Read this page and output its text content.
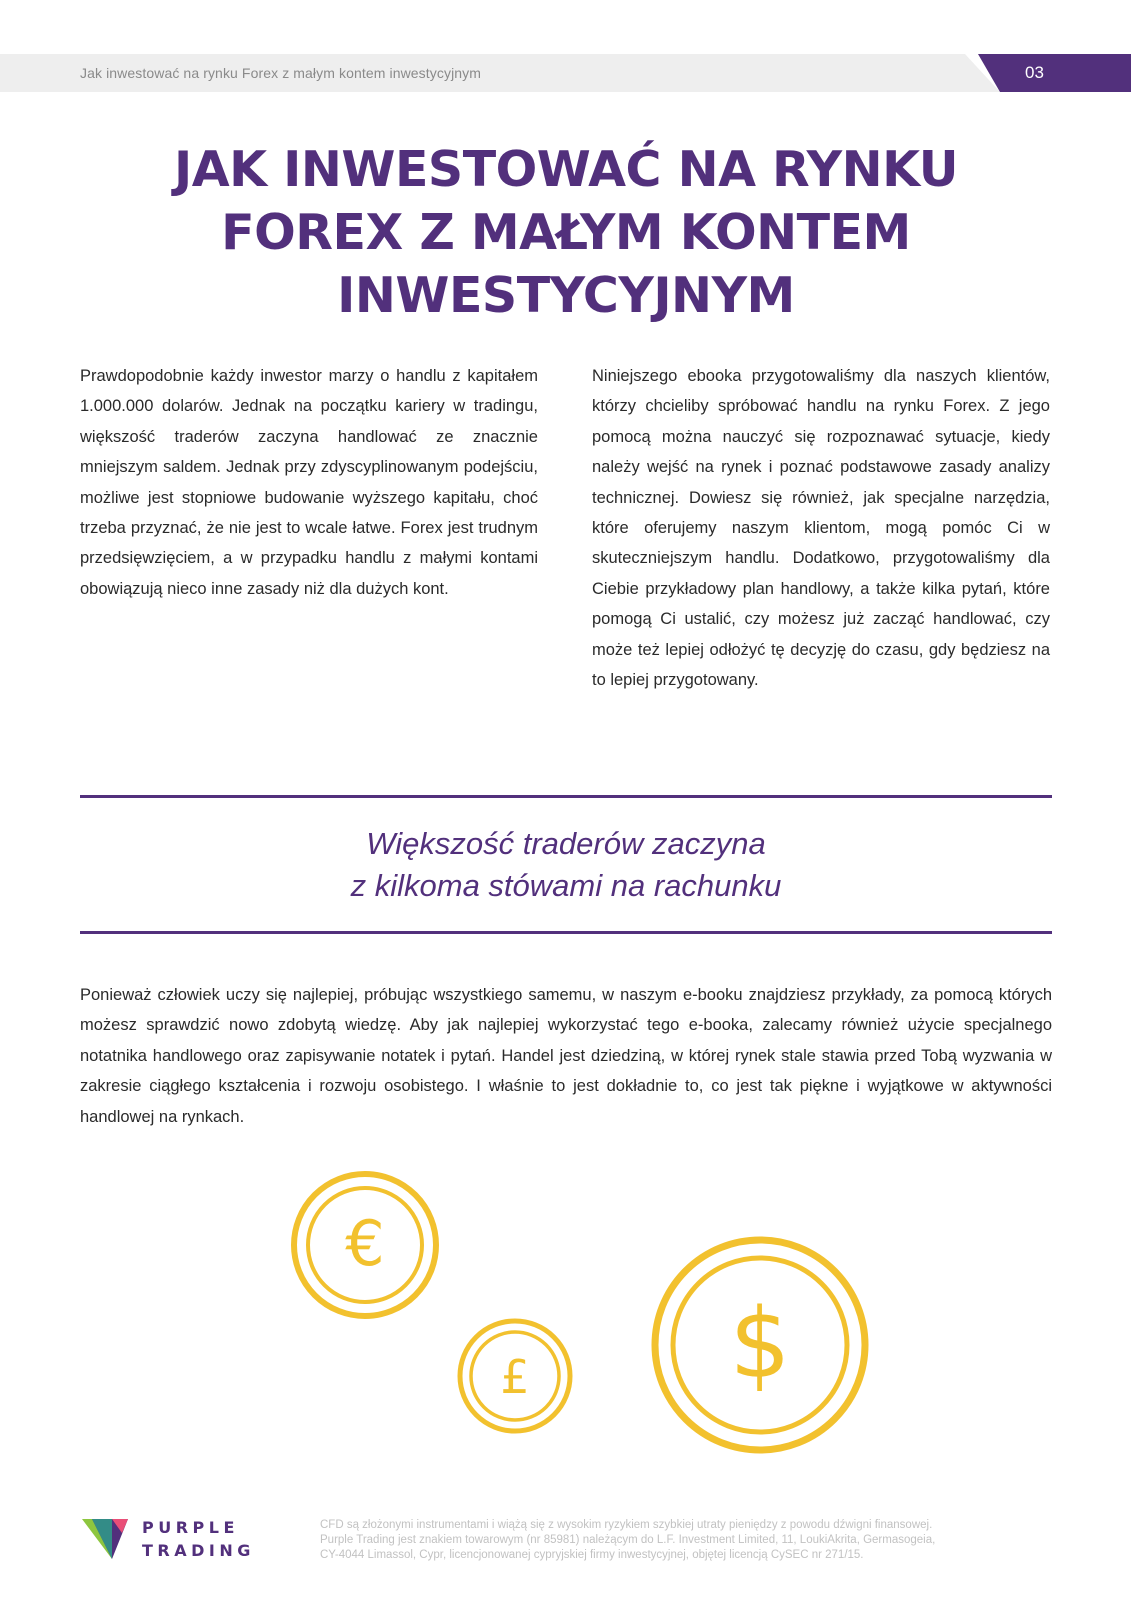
Jak inwestować na rynku Forex z małym kontem inwestycyjnym	03
JAK INWESTOWAĆ NA RYNKU
FOREX Z MAŁYM KONTEM
INWESTYCYJNYM

Prawdopodobnie każdy inwestor marzy o handlu z kapitałem 1.000.000 dolarów. Jednak na początku kariery w tradingu, większość traderów zaczyna handlować ze znacznie mniejszym saldem. Jednak przy zdyscyplinowanym podejściu, możliwe jest stopniowe budowanie wyższego kapitału, choć trzeba przyznać, że nie jest to wcale łatwe. Forex jest trudnym przedsięwzięciem, a w przypadku handlu z małymi kontami obowiązują nieco inne zasady niż dla dużych kont.

Niniejszego ebooka przygotowaliśmy dla naszych klientów, którzy chcieliby spróbować handlu na rynku Forex. Z jego pomocą można nauczyć się rozpoznawać sytuacje, kiedy należy wejść na rynek i poznać podstawowe zasady analizy technicznej. Dowiesz się również, jak specjalne narzędzia, które oferujemy naszym klientom, mogą pomóc Ci w skuteczniejszym handlu. Dodatkowo, przygotowaliśmy dla Ciebie przykładowy plan handlowy, a także kilka pytań, które pomogą Ci ustalić, czy możesz już zacząć handlować, czy może też lepiej odłożyć tę decyzję do czasu, gdy będziesz na to lepiej przygotowany.

Większość traderów zaczyna
z kilkoma stówami na rachunku

Ponieważ człowiek uczy się najlepiej, próbując wszystkiego samemu, w naszym e-booku znajdziesz przykłady, za pomocą których możesz sprawdzić nowo zdobytą wiedzę. Aby jak najlepiej wykorzystać tego e-booka, zalecamy również użycie specjalnego notatnika handlowego oraz zapisywanie notatek i pytań. Handel jest dziedziną, w której rynek stale stawia przed Tobą wyzwania w zakresie ciągłego kształcenia i rozwoju osobistego. I właśnie to jest dokładnie to, co jest tak piękne i wyjątkowe w aktywności handlowej na rynkach.

€
£ $
PURPLE
TRADING
CFD są złożonymi instrumentami i wiążą się z wysokim ryzykiem szybkiej utraty pieniędzy z powodu dźwigni finansowej.
Purple Trading jest znakiem towarowym (nr 85981) należącym do L.F. Investment Limited, 11, LoukiAkrita, Germasogeia,
CY-4044 Limassol, Cypr, licencjonowanej cypryjskiej firmy inwestycyjnej, objętej licencją CySEC nr 271/15.
